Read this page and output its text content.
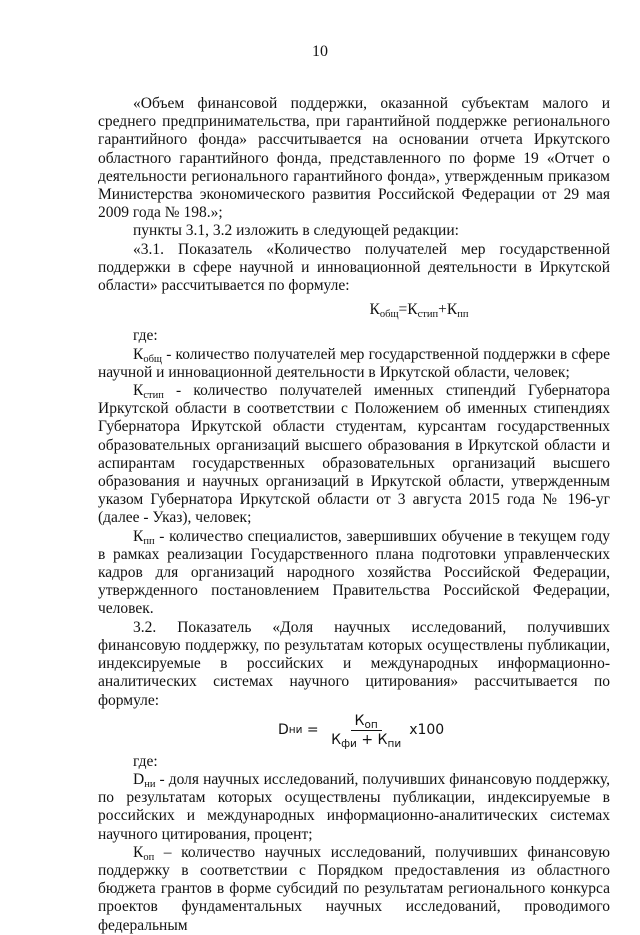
10

«Объем финансовой поддержки, оказанной субъектам малого и среднего предпринимательства, при гарантийной поддержке регионального гарантийного фонда» рассчитывается на основании отчета Иркутского областного гарантийного фонда, представленного по форме 19 «Отчет о деятельности регионального гарантийного фонда», утвержденным приказом Министерства экономического развития Российской Федерации от 29 мая 2009 года № 198.»;

пункты 3.1, 3.2 изложить в следующей редакции:

«3.1. Показатель «Количество получателей мер государственной поддержки в сфере научной и инновационной деятельности в Иркутской области» рассчитывается по формуле:

$К_{общ}=К_{стип}+К_{пп}$

где:

$К_{общ}$ - количество получателей мер государственной поддержки в сфере научной и инновационной деятельности в Иркутской области, человек;

$К_{стип}$ - количество получателей именных стипендий Губернатора Иркутской области в соответствии с Положением об именных стипендиях Губернатора Иркутской области студентам, курсантам государственных образовательных организаций высшего образования в Иркутской области и аспирантам государственных образовательных организаций высшего образования и научных организаций в Иркутской области, утвержденным указом Губернатора Иркутской области от 3 августа 2015 года № 196-уг (далее - Указ), человек;

$К_{пп}$ - количество специалистов, завершивших обучение в текущем году в рамках реализации Государственного плана подготовки управленческих кадров для организаций народного хозяйства Российской Федерации, утвержденного постановлением Правительства Российской Федерации, человек.

3.2. Показатель «Доля научных исследований, получивших финансовую поддержку, по результатам которых осуществлены публикации, индексируемые в российских и международных информационно-аналитических системах научного цитирования» рассчитывается по формуле:

D ни = $\frac{К_{оп}}{К_{фи} + К_{пи}} x100$

где:

$D_{ни}$ - доля научных исследований, получивших финансовую поддержку, по результатам которых осуществлены публикации, индексируемые в российских и международных информационно-аналитических системах научного цитирования, процент;

$К_{оп}$ – количество научных исследований, получивших финансовую поддержку в соответствии с Порядком предоставления из областного бюджета грантов в форме субсидий по результатам регионального конкурса проектов фундаментальных научных исследований, проводимого федеральным
